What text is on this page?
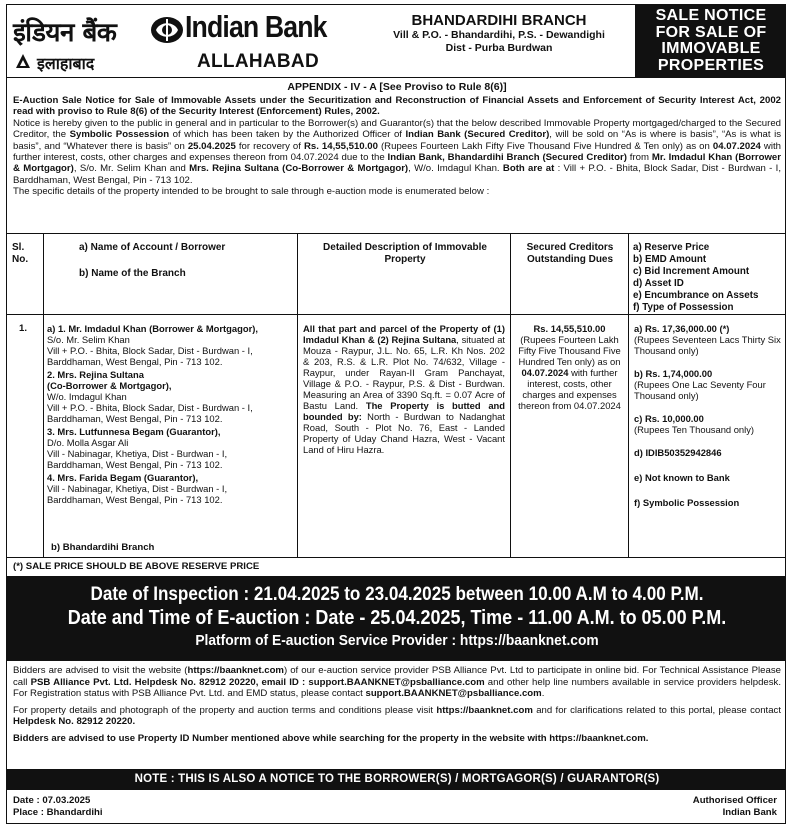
इंडियन बैंक Indian Bank
इलाहाबाद	ALLAHABAD
BHANDARDIHI BRANCH
Vill & P.O. - Bhandardihi, P.S. - Dewandighi
Dist - Purba Burdwan
SALE NOTICE
FOR SALE OF
IMMOVABLE
PROPERTIES
APPENDIX - IV - A [See Proviso to Rule 8(6)]
E-Auction Sale Notice for Sale of Immovable Assets under the Securitization and Reconstruction of Financial Assets and Enforcement of Security Interest Act, 2002 read with proviso to Rule 8(6) of the Security Interest (Enforcement) Rules, 2002.
Notice is hereby given to the public in general and in particular to the Borrower(s) and Guarantor(s) that the below described Immovable Property mortgaged/charged to the Secured Creditor, the Symbolic Possession of which has been taken by the Authorized Officer of Indian Bank (Secured Creditor), will be sold on “As is where is basis”, “As is what is basis”, and “Whatever there is basis” on 25.04.2025 for recovery of Rs. 14,55,510.00 (Rupees Fourteen Lakh Fifty Five Thousand Five Hundred & Ten only) as on 04.07.2024 with further interest, costs, other charges and expenses thereon from 04.07.2024 due to the Indian Bank, Bhandardihi Branch (Secured Creditor) from Mr. Imdadul Khan (Borrower & Mortgagor), S/o. Mr. Selim Khan and Mrs. Rejina Sultana (Co-Borrower & Mortgagor), W/o. Imdagul Khan. Both are at : Vill + P.O. - Bhita, Block Sadar, Dist - Burdwan - I, Barddhaman, West Bengal, Pin - 713 102.
The specific details of the property intended to be brought to sale through e-auction mode is enumerated below :
Sl. No.
a) Name of Account / Borrower
b) Name of the Branch
Detailed Description of Immovable Property
Secured Creditors Outstanding Dues
a) Reserve Price
b) EMD Amount
c) Bid Increment Amount
d) Asset ID
e) Encumbrance on Assets
f) Type of Possession
1. a) 1. Mr. Imdadul Khan (Borrower & Mortgagor),
S/o. Mr. Selim Khan
Vill + P.O. - Bhita, Block Sadar, Dist - Burdwan - I,
Barddhaman, West Bengal, Pin - 713 102.
2. Mrs. Rejina Sultana
(Co-Borrower & Mortgagor),
W/o. Imdagul Khan
Vill + P.O. - Bhita, Block Sadar, Dist - Burdwan - I,
Barddhaman, West Bengal, Pin - 713 102.
3. Mrs. Lutfunnesa Begam (Guarantor),
D/o. Molla Asgar Ali
Vill - Nabinagar, Khetiya, Dist - Burdwan - I,
Barddhaman, West Bengal, Pin - 713 102.
4. Mrs. Farida Begam (Guarantor),
Vill - Nabinagar, Khetiya, Dist - Burdwan - I,
Barddhaman, West Bengal, Pin - 713 102.
b) Bhandardihi Branch
All that part and parcel of the Property of (1) Imdadul Khan & (2) Rejina Sultana, situated at Mouza - Raypur, J.L. No. 65, L.R. Kh Nos. 202 & 203, R.S. & L.R. Plot No. 74/632, Village - Raypur, under Rayan-II Gram Panchayat, Village & P.O. - Raypur, P.S. & Dist - Burdwan. Measuring an Area of 3390 Sq.ft. = 0.07 Acre of Bastu Land. The Property is butted and bounded by: North - Burdwan to Nadanghat Road, South - Plot No. 76, East - Landed Property of Uday Chand Hazra, West - Vacant Land of Hiru Hazra.
Rs. 14,55,510.00
(Rupees Fourteen Lakh Fifty Five Thousand Five Hundred Ten only) as on 04.07.2024 with further interest, costs, other charges and expenses thereon from 04.07.2024
a) Rs. 17,36,000.00 (*)
(Rupees Seventeen Lacs Thirty Six Thousand only)
b) Rs. 1,74,000.00
(Rupees One Lac Seventy Four Thousand only)
c) Rs. 10,000.00
(Rupees Ten Thousand only)
d) IDIB50352942846
e) Not known to Bank
f) Symbolic Possession
(*) SALE PRICE SHOULD BE ABOVE RESERVE PRICE
Date of Inspection : 21.04.2025 to 23.04.2025 between 10.00 A.M to 4.00 P.M.
Date and Time of E-auction : Date - 25.04.2025, Time - 11.00 A.M. to 05.00 P.M.
Platform of E-auction Service Provider : https://baanknet.com

Bidders are advised to visit the website (https://baanknet.com) of our e-auction service provider PSB Alliance Pvt. Ltd to participate in online bid. For Technical Assistance Please call PSB Alliance Pvt. Ltd. Helpdesk No. 82912 20220, email ID : support.BAANKNET@psballiance.com and other help line numbers available in service providers helpdesk. For Registration status with PSB Alliance Pvt. Ltd. and EMD status, please contact support.BAANKNET@psballiance.com.

For property details and photograph of the property and auction terms and conditions please visit https://baanknet.com and for clarifications related to this portal, please contact Helpdesk No. 82912 20220.

Bidders are advised to use Property ID Number mentioned above while searching for the property in the website with https://baanknet.com.

NOTE : THIS IS ALSO A NOTICE TO THE BORROWER(S) / MORTGAGOR(S) / GUARANTOR(S)
Date : 07.03.2025
Place : Bhandardihi
Authorised Officer
Indian Bank
